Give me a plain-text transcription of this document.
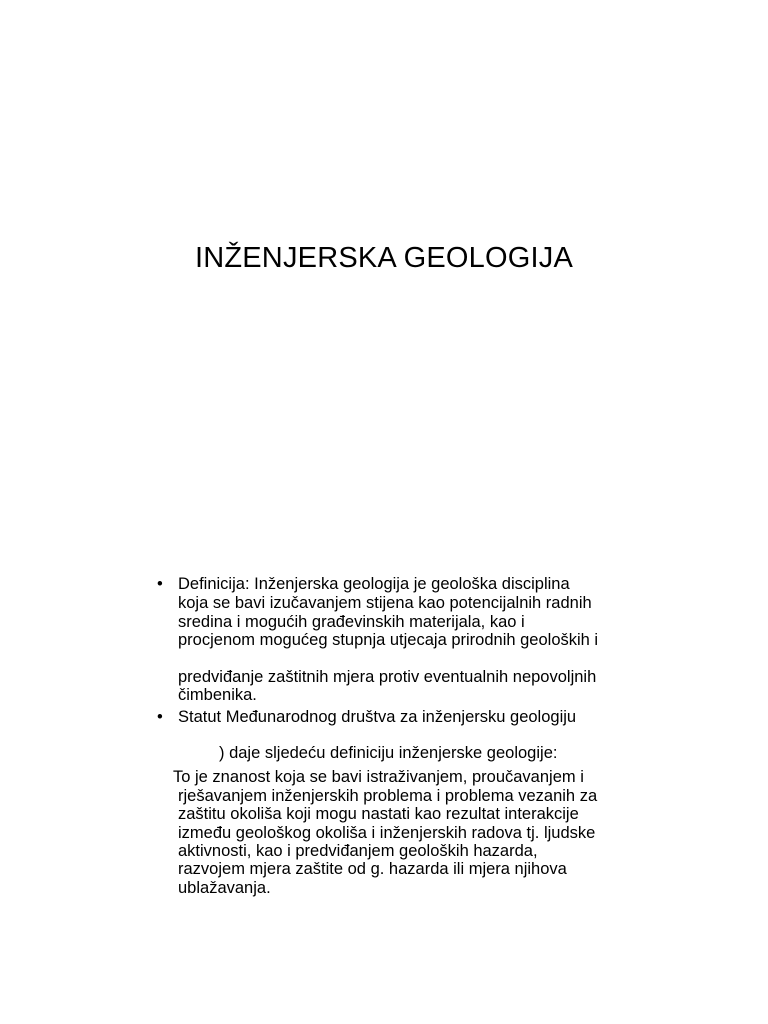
INŽENJERSKA GEOLOGIJA
• Definicija: Inženjerska geologija je geološka disciplina
koja se bavi izučavanjem stijena kao potencijalnih radnih
sredina i mogućih građevinskih materijala, kao i
procjenom mogućeg stupnja utjecaja prirodnih geoloških i
predviđanje zaštitnih mjera protiv eventualnih nepovoljnih
čimbenika.
• Statut Međunarodnog društva za inženjersku geologiju
) daje sljedeću definiciju inženjerske geologije:
To je znanost koja se bavi istraživanjem, proučavanjem i
rješavanjem inženjerskih problema i problema vezanih za
zaštitu okoliša koji mogu nastati kao rezultat interakcije
između geološkog okoliša i inženjerskih radova tj. ljudske
aktivnosti, kao i predviđanjem geoloških hazarda,
razvojem mjera zaštite od g. hazarda ili mjera njihova
ublažavanja.
